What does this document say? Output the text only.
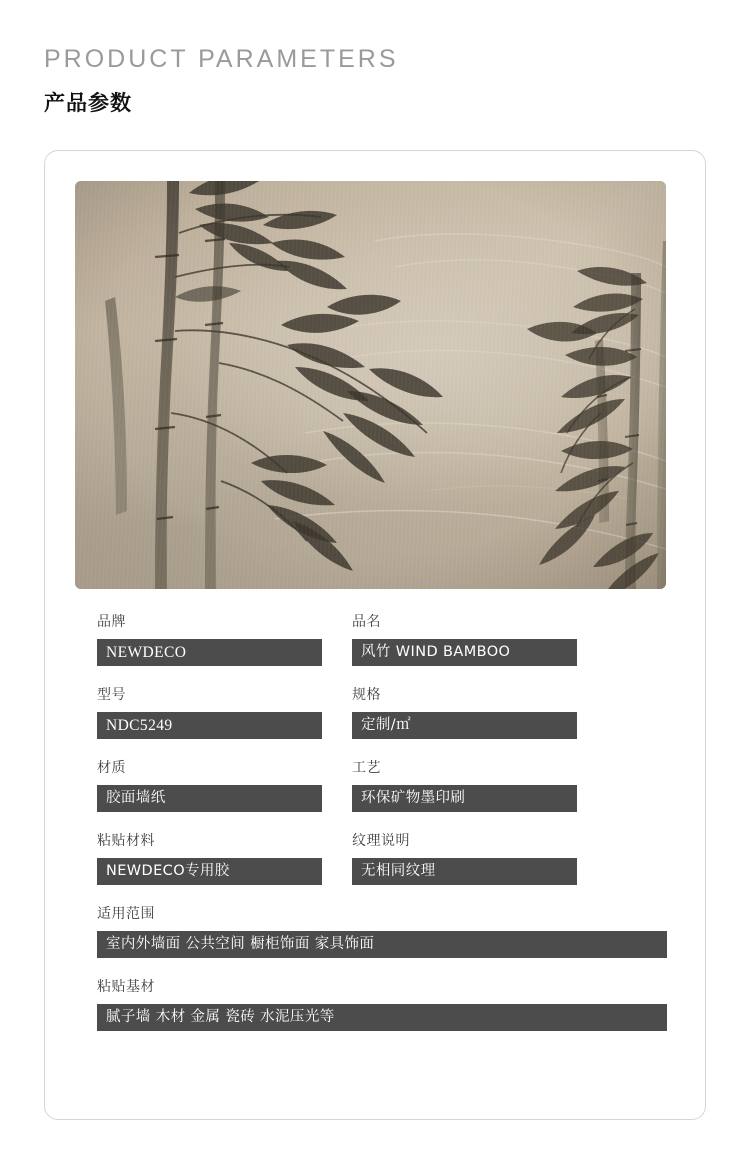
PRODUCT PARAMETERS
产品参数
品牌
NEWDECO
品名
风竹 WIND BAMBOO
型号
NDC5249
规格
定制/㎡
材质
胶面墙纸
工艺
环保矿物墨印刷
粘贴材料
NEWDECO专用胶
纹理说明
无相同纹理
适用范围
室内外墙面 公共空间 橱柜饰面 家具饰面
粘贴基材
腻子墙 木材 金属 瓷砖 水泥压光等
